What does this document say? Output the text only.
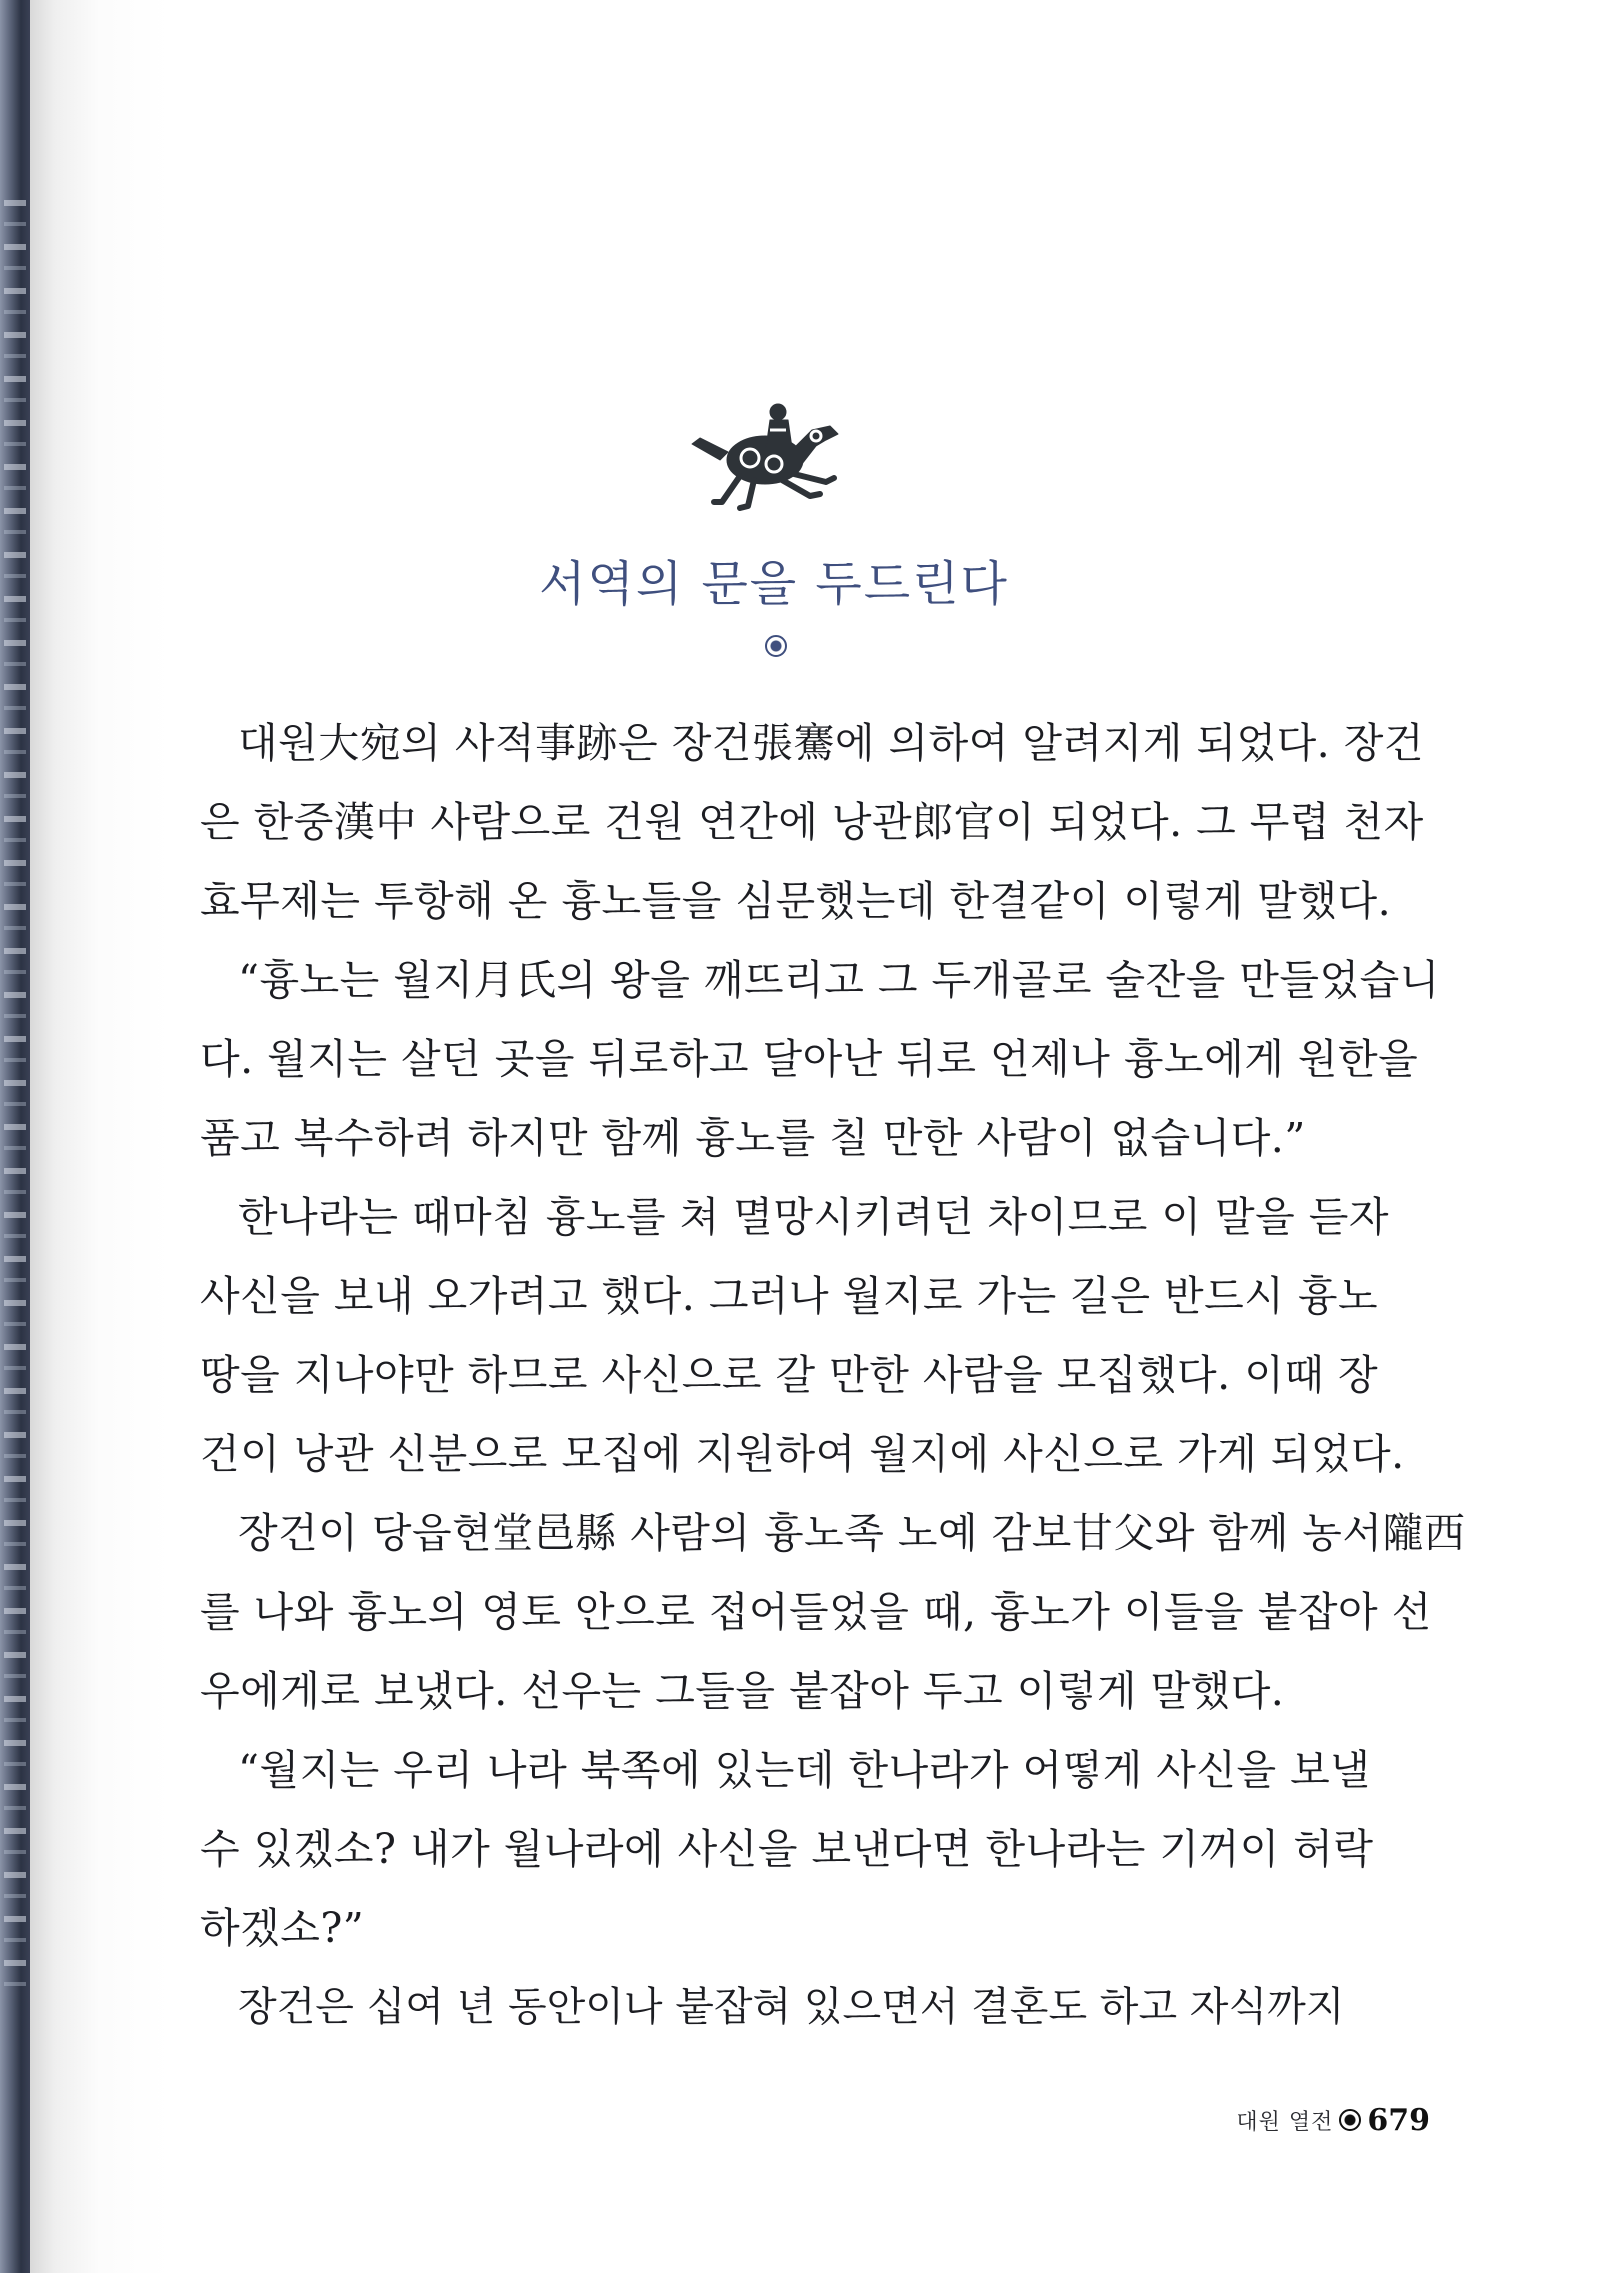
서역의 문을 두드린다
대원大宛의 사적事跡은 장건張騫에 의하여 알려지게 되었다. 장건
은 한중漢中 사람으로 건원 연간에 낭관郎官이 되었다. 그 무렵 천자
효무제는 투항해 온 흉노들을 심문했는데 한결같이 이렇게 말했다.
“흉노는 월지月氏의 왕을 깨뜨리고 그 두개골로 술잔을 만들었습니
다. 월지는 살던 곳을 뒤로하고 달아난 뒤로 언제나 흉노에게 원한을
품고 복수하려 하지만 함께 흉노를 칠 만한 사람이 없습니다.”
한나라는 때마침 흉노를 쳐 멸망시키려던 차이므로 이 말을 듣자
사신을 보내 오가려고 했다. 그러나 월지로 가는 길은 반드시 흉노
땅을 지나야만 하므로 사신으로 갈 만한 사람을 모집했다. 이때 장
건이 낭관 신분으로 모집에 지원하여 월지에 사신으로 가게 되었다.
장건이 당읍현堂邑縣 사람의 흉노족 노예 감보甘父와 함께 농서隴西
를 나와 흉노의 영토 안으로 접어들었을 때, 흉노가 이들을 붙잡아 선
우에게로 보냈다. 선우는 그들을 붙잡아 두고 이렇게 말했다.
“월지는 우리 나라 북쪽에 있는데 한나라가 어떻게 사신을 보낼
수 있겠소? 내가 월나라에 사신을 보낸다면 한나라는 기꺼이 허락
하겠소?”
장건은 십여 년 동안이나 붙잡혀 있으면서 결혼도 하고 자식까지
대원 열전 679
